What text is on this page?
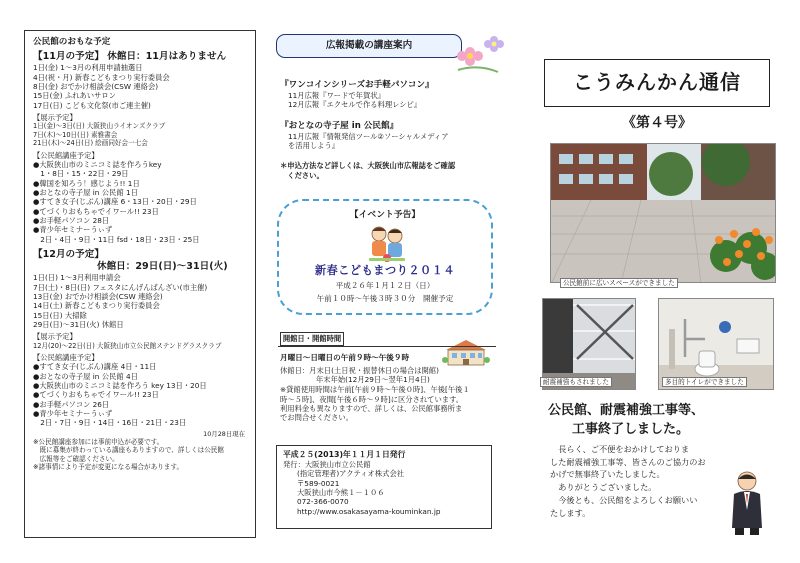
公民館のおもな予定
【11月の予定】 休館日：11月はありません
1日(金) 1～3月の利用申請抽選日
4日(祝・月) 新春こどもまつり実行委員会
8日(金) おでかけ相談会(CSW 連絡会)
15日(金) ふれあいサロン
17日(日) こども文化祭(市ご連主催)
【展示予定】
1日(金)～3日(日) 大阪狭山ライオンズクラブ
7日(木)～10日(日) 素雅書会
21日(木)～24日(日) 絵画同好会一七会
【公民館講座予定】
●大阪狭山市のミニコミ誌を作ろうkey
　1・8日・15・22日・29日
●韓国を知ろう！感じよう!! 1日
●おとなの寺子屋 in 公民館 1日
●すてき女子(じぶん)講座 6・13日・20日・29日
●てづくりおもちゃでイワール!! 23日
●お手軽パソコン 28日
●青少年セミナーうぃず
　2日・4日・9日・11日 fsd・18日・23日・25日
【12月の予定】
休館日：29日(日)～31日(火)
1日(日) 1～3月利用申請会
7日(土)・8日(日) フェスタにんげんばんざい(市主催)
13日(金) おでかけ相談会(CSW 連絡会)
14日(土) 新春こどもまつり実行委員会
15日(日) 大掃除
29日(日)～31日(火) 休館日
【展示予定】
12月(20)～22日(日) 大阪狭山市立公民館ステンドグラスクラブ
【公民館講座予定】
●すてき女子(じぶん)講座 4日・11日
●おとなの寺子屋 in 公民館 4日
●大阪狭山市のミニコミ誌を作ろう key 13日・20日
●てづくりおもちゃでイワール!! 23日
●お手軽パソコン 26日
●青少年セミナーうぃず
　2日・7日・9日・14日・16日・21日・23日
10月28日現在
※公民館講座参加には事前申込が必要です。
　既に募集が終わっている講座もありますので、詳しくは公民館
　広報等をご確認ください。
※諸事情により予定が変更になる場合があります。
広報掲載の講座案内
『ワンコインシリーズお手軽パソコン』
11月広報『ワードで年賀状』
12月広報『エクセルで作る料理レシピ』
『おとなの寺子屋 in 公民館』
11月広報『情報発信ツール②ソーシャルメディア
を活用しよう』
＊申込方法など詳しくは、大阪狭山市広報誌をご確認
　ください。
【イベント予告】
新春こどもまつり２０１４
平成２６年１月１２日（日）
午前１０時～午後３時３０分　開催予定
開館日・開館時間
月曜日～日曜日の午前９時～午後９時
休館日：月末日(土日祝・振替休日の場合は開館)
年末年始(12月29日～翌年1月4日)
※貸館使用時間は午前[午前９時～午後０時]、午後[午後１
時～５時]、夜間[午後６時～９時]に区分されています。
利用料金も異なりますので、詳しくは、公民館事務所ま
でお問合せください。
平成２５(2013)年１１月１日発行
発行：大阪狭山市立公民館
(指定管理者)アクティオ株式会社
〒589-0021
大阪狭山市今熊１－１０６
072-366-0070
http://www.osakasayama-kouminkan.jp
こうみんかん通信
《第４号》
公民館前に広いスペースができました
耐震補強もされました	多目的トイレができました
公民館、耐震補強工事等、
工事終了しました。
　長らく、ご不便をおかけしておりま
した耐震補強工事等、皆さんのご協力のお
かげで無事終了いたしました。
　ありがとうございました。
　今後とも、公民館をよろしくお願いい
たします。
